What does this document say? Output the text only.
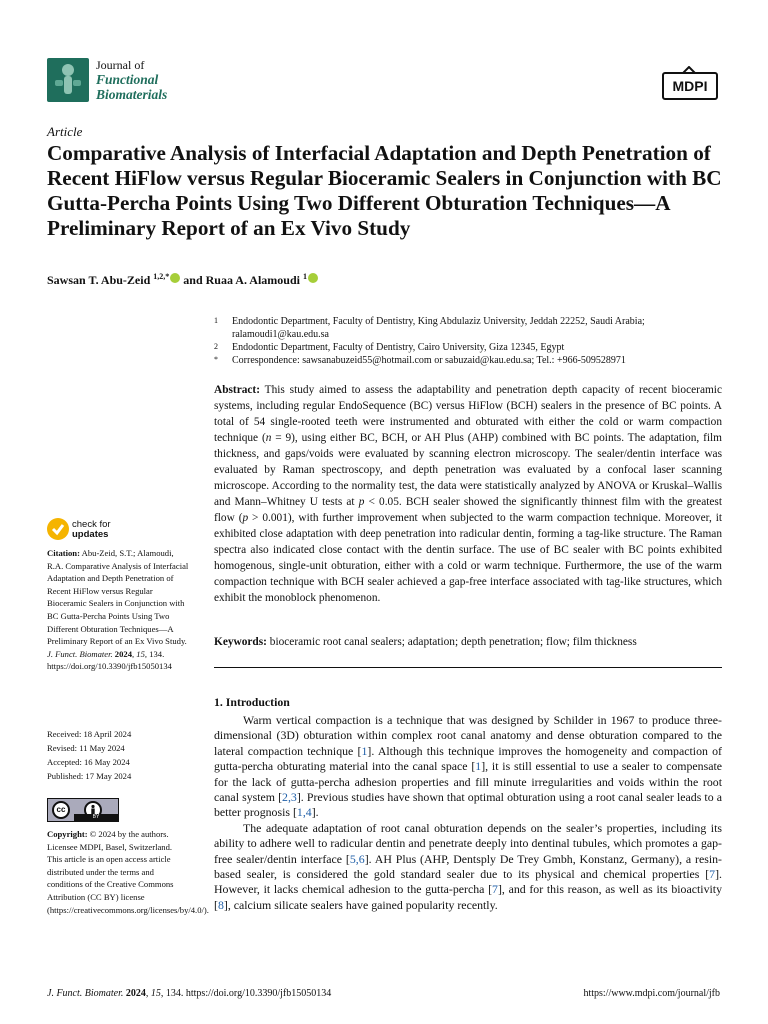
Journal of
Functional
Biomaterials
MDPI
Article
Comparative Analysis of Interfacial Adaptation and Depth Penetration of Recent HiFlow versus Regular Bioceramic Sealers in Conjunction with BC Gutta-Percha Points Using Two Different Obturation Techniques—A Preliminary Report of an Ex Vivo Study
Sawsan T. Abu-Zeid $^{1,2,*}$ and Ruaa A. Alamoudi $^1$
1	Endodontic Department, Faculty of Dentistry, King Abdulaziz University, Jeddah 22252, Saudi Arabia; ralamoudi1@kau.edu.sa
2	Endodontic Department, Faculty of Dentistry, Cairo University, Giza 12345, Egypt
*	Correspondence: sawsanabuzeid55@hotmail.com or sabuzaid@kau.edu.sa; Tel.: +966-509528971
Abstract: This study aimed to assess the adaptability and penetration depth capacity of recent bioceramic systems, including regular EndoSequence (BC) versus HiFlow (BCH) sealers in the presence of BC points. A total of 54 single-rooted teeth were instrumented and obturated with either the cold or warm compaction technique (n = 9), using either BC, BCH, or AH Plus (AHP) combined with BC points. The adaptation, film thickness, and gaps/voids were evaluated by scanning electron microscopy. The sealer/dentin interface was evaluated by Raman spectroscopy, and depth penetration was evaluated by a confocal laser scanning microscope. According to the normality test, the data were statistically analyzed by ANOVA or Kruskal–Wallis and Mann–Whitney U tests at p < 0.05. BCH sealer showed the significantly thinnest film with the greatest flow (p > 0.001), with further improvement when subjected to the warm compaction technique. Moreover, it exhibited close adaptation with deep penetration into radicular dentin, forming a tag-like structure. The Raman spectra also indicated close contact with the dentin surface. The use of BC sealer with BC points exhibited homogenous, single-unit obturation, either with a cold or warm technique. Furthermore, the use of the warm compaction technique with BCH sealer achieved a gap-free interface associated with tag-like structures, which exhibit the monoblock phenomenon.
Keywords: bioceramic root canal sealers; adaptation; depth penetration; flow; film thickness
1. Introduction

Warm vertical compaction is a technique that was designed by Schilder in 1967 to produce three-dimensional (3D) obturation within complex root canal anatomy and dense obturation compared to the lateral compaction technique [1]. Although this technique improves the homogeneity and compaction of gutta-percha obturating material into the canal space [1], it is still essential to use a sealer to compensate for the lack of gutta-percha adhesion properties and fill minute irregularities and voids within the root canal system [2,3]. Previous studies have shown that optimal obturation using a root canal sealer leads to a better prognosis [1,4].

The adequate adaptation of root canal obturation depends on the sealer’s properties, including its ability to adhere well to radicular dentin and penetrate deeply into dentinal tubules, which promotes a gap-free sealer/dentin interface [5,6]. AH Plus (AHP, Dentsply De Trey Gmbh, Konstanz, Germany), a resin-based sealer, is considered the gold standard sealer due to its physical and chemical properties [7]. However, it lacks chemical adhesion to the gutta-percha [7], and for this reason, as well as its bioactivity [8], calcium silicate sealers have gained popularity recently.

check for
updates
Citation: Abu-Zeid, S.T.; Alamoudi, R.A. Comparative Analysis of Interfacial Adaptation and Depth Penetration of Recent HiFlow versus Regular Bioceramic Sealers in Conjunction with BC Gutta-Percha Points Using Two Different Obturation Techniques—A Preliminary Report of an Ex Vivo Study. J. Funct. Biomater. 2024, 15, 134. https://doi.org/10.3390/jfb15050134
Received: 18 April 2024
Revised: 11 May 2024
Accepted: 16 May 2024
Published: 17 May 2024
cc
BY
Copyright: © 2024 by the authors. Licensee MDPI, Basel, Switzerland. This article is an open access article distributed under the terms and conditions of the Creative Commons Attribution (CC BY) license (https://creativecommons.org/licenses/by/4.0/).
J. Funct. Biomater. 2024, 15, 134. https://doi.org/10.3390/jfb15050134	https://www.mdpi.com/journal/jfb
